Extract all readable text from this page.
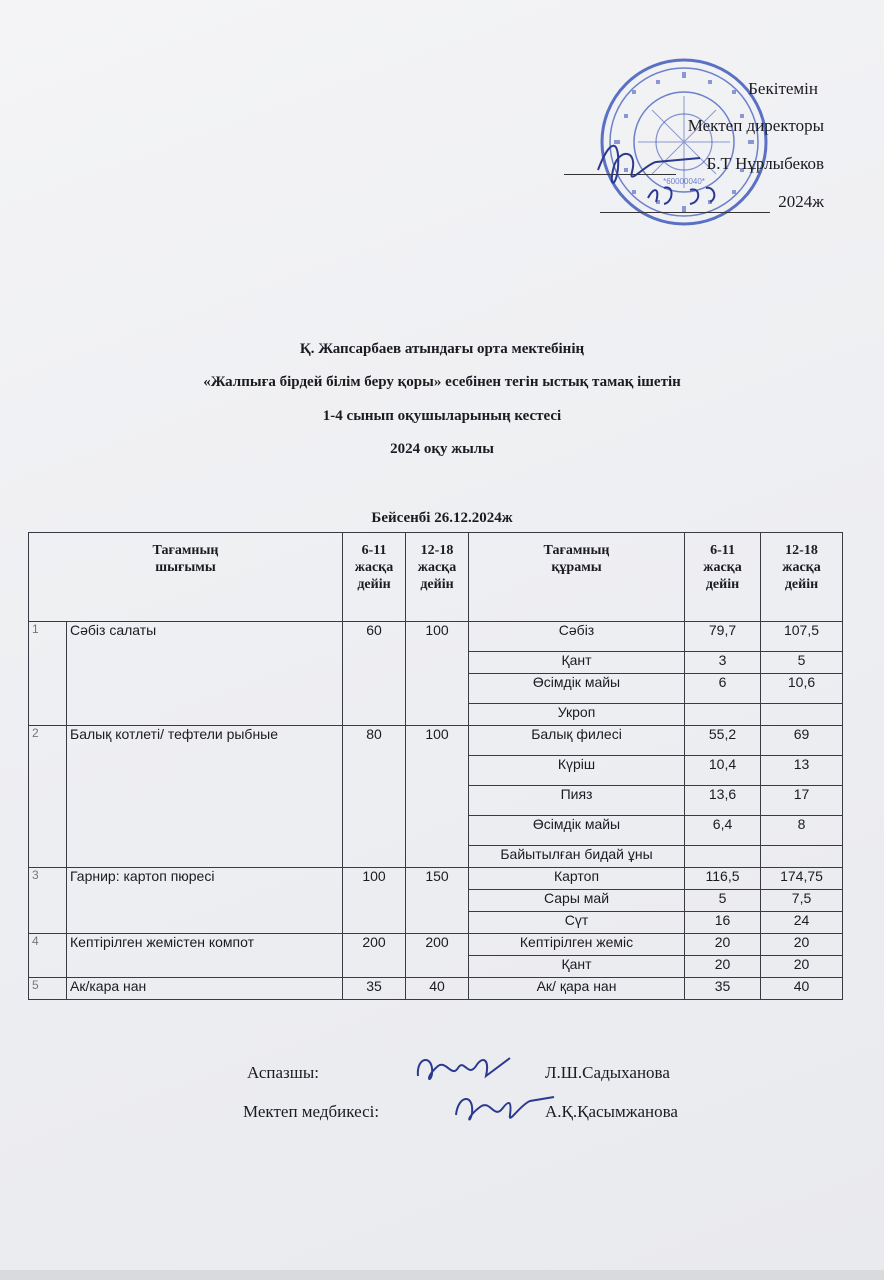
*60000040*
Бекітемін
Мектеп директоры
Б.Т Нұрлыбеков
2024ж
Қ. Жапсарбаев атындағы орта мектебінің
«Жалпыға бірдей білім беру қоры» есебінен тегін ыстық тамақ ішетін
1-4 сынып оқушыларының кестесі
2024 оқу жылы
Бейсенбі 26.12.2024ж
Тағамның
шығымы		6-11
жасқа
дейін	12-18
жасқа
дейін	Тағамның
құрамы	6-11
жасқа
дейін	12-18
жасқа
дейін
1	Сәбіз салаты	60	100	Сәбіз	79,7	107,5
				Қант	3	5
				Өсімдік майы	6	10,6
				Укроп		
2	Балық котлеті/ тефтели рыбные	80	100	Балық филесі	55,2	69
				Күріш	10,4	13
				Пияз	13,6	17
				Өсімдік майы	6,4	8
				Байытылған бидай ұны		
3	Гарнир: картоп пюресі	100	150	Картоп	116,5	174,75
				Сары май	5	7,5
				Сүт	16	24
4	Кептірілген жемістен компот	200	200	Кептірілген жеміс	20	20
				Қант	20	20
5	Ак/кара нан	35	40	Ак/ қара нан	35	40
Аспазшы:	Л.Ш.Садыханова
Мектеп медбикесі:	А.Қ.Қасымжанова
